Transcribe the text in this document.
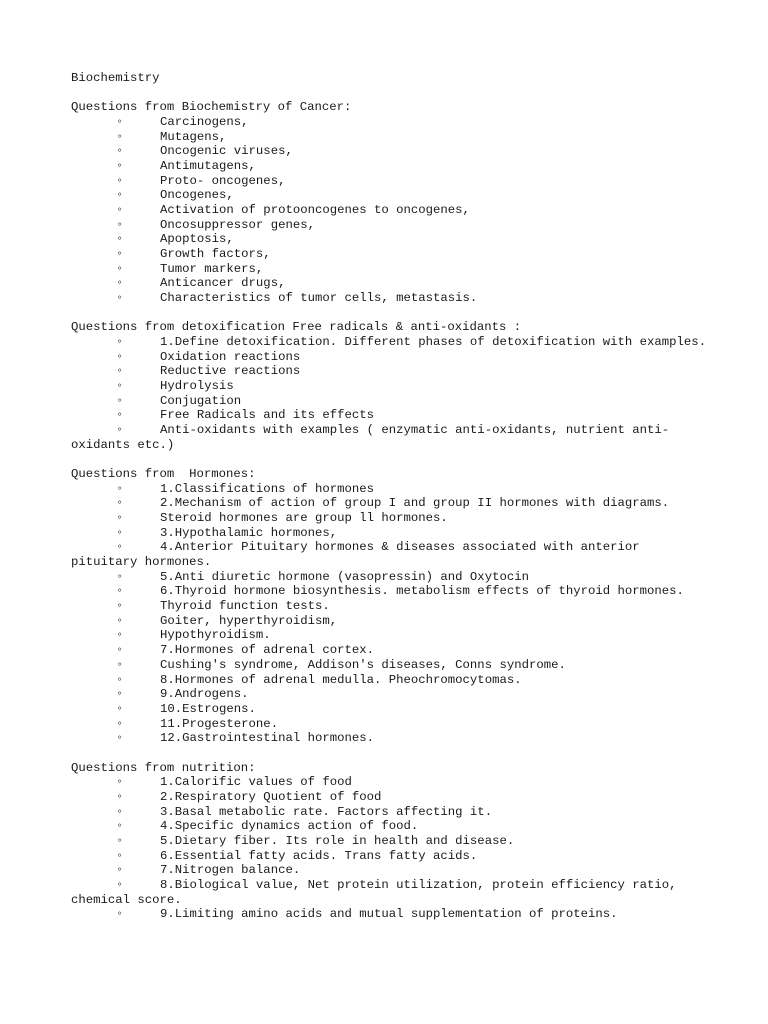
Biochemistry
Questions from Biochemistry of Cancer:
◦	Carcinogens,
◦	Mutagens,
◦	Oncogenic viruses,
◦	Antimutagens,
◦	Proto- oncogenes,
◦	Oncogenes,
◦	Activation of protooncogenes to oncogenes,
◦	Oncosuppressor genes,
◦	Apoptosis,
◦	Growth factors,
◦	Tumor markers,
◦	Anticancer drugs,
◦	Characteristics of tumor cells, metastasis.
Questions from detoxification Free radicals & anti-oxidants :
◦	1.Define detoxification. Different phases of detoxification with examples.
◦	Oxidation reactions
◦	Reductive reactions
◦	Hydrolysis
◦	Conjugation
◦	Free Radicals and its effects
◦	Anti-oxidants with examples ( enzymatic anti-oxidants, nutrient anti-oxidants etc.)
Questions from  Hormones:
◦	1.Classifications of hormones
◦	2.Mechanism of action of group I and group II hormones with diagrams.
◦	Steroid hormones are group ll hormones.
◦	3.Hypothalamic hormones,
◦	4.Anterior Pituitary hormones & diseases associated with anterior pituitary hormones.
◦	5.Anti diuretic hormone (vasopressin) and Oxytocin
◦	6.Thyroid hormone biosynthesis. metabolism effects of thyroid hormones.
◦	Thyroid function tests.
◦	Goiter, hyperthyroidism,
◦	Hypothyroidism.
◦	7.Hormones of adrenal cortex.
◦	Cushing's syndrome, Addison's diseases, Conns syndrome.
◦	8.Hormones of adrenal medulla. Pheochromocytomas.
◦	9.Androgens.
◦	10.Estrogens.
◦	11.Progesterone.
◦	12.Gastrointestinal hormones.
Questions from nutrition:
◦	1.Calorific values of food
◦	2.Respiratory Quotient of food
◦	3.Basal metabolic rate. Factors affecting it.
◦	4.Specific dynamics action of food.
◦	5.Dietary fiber. Its role in health and disease.
◦	6.Essential fatty acids. Trans fatty acids.
◦	7.Nitrogen balance.
◦	8.Biological value, Net protein utilization, protein efficiency ratio, chemical score.
◦	9.Limiting amino acids and mutual supplementation of proteins.
